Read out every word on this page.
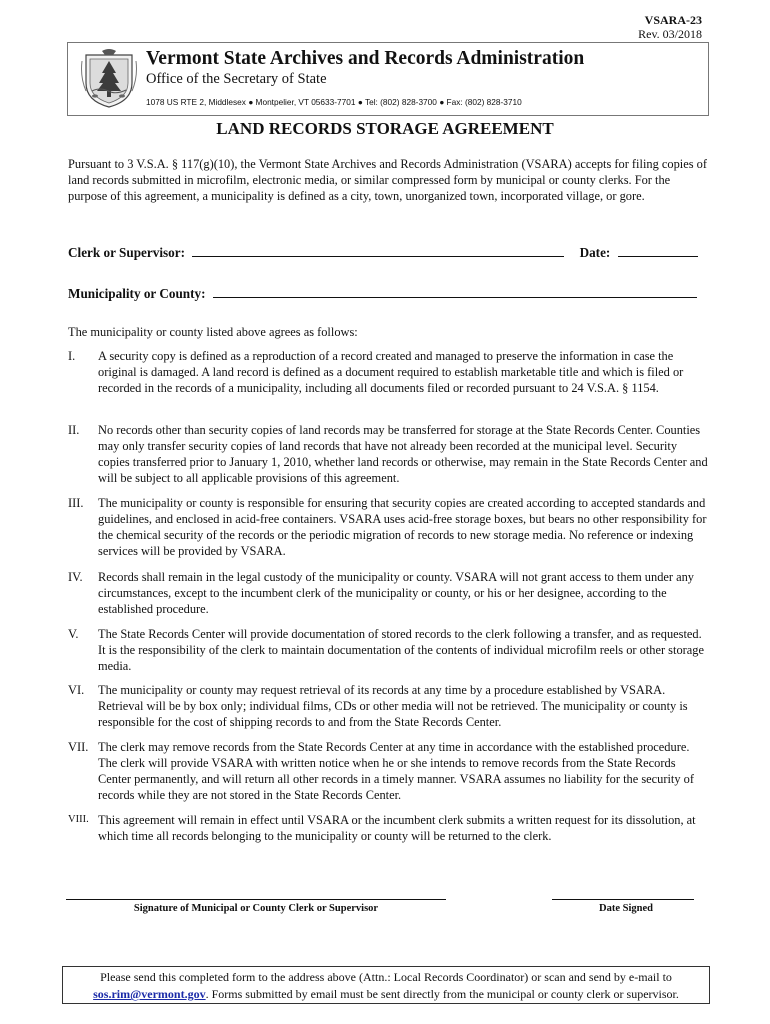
VSARA-23
Rev. 03/2018
Vermont State Archives and Records Administration
Office of the Secretary of State
1078 US RTE 2, Middlesex ● Montpelier, VT 05633-7701 ● Tel: (802) 828-3700 ● Fax: (802) 828-3710
LAND RECORDS STORAGE AGREEMENT
Pursuant to 3 V.S.A. § 117(g)(10), the Vermont State Archives and Records Administration (VSARA) accepts for filing copies of land records submitted in microfilm, electronic media, or similar compressed form by municipal or county clerks. For the purpose of this agreement, a municipality is defined as a city, town, unorganized town, incorporated village, or gore.
Clerk or Supervisor:	Date:
Municipality or County:
The municipality or county listed above agrees as follows:
I. A security copy is defined as a reproduction of a record created and managed to preserve the information in case the original is damaged. A land record is defined as a document required to establish marketable title and which is filed or recorded in the records of a municipality, including all documents filed or recorded pursuant to 24 V.S.A. § 1154.
II. No records other than security copies of land records may be transferred for storage at the State Records Center. Counties may only transfer security copies of land records that have not already been recorded at the municipal level. Security copies transferred prior to January 1, 2010, whether land records or otherwise, may remain in the State Records Center and will be subject to all applicable provisions of this agreement.
III. The municipality or county is responsible for ensuring that security copies are created according to accepted standards and guidelines, and enclosed in acid-free containers. VSARA uses acid-free storage boxes, but bears no other responsibility for the chemical security of the records or the periodic migration of records to new storage media. No reference or indexing services will be provided by VSARA.
IV. Records shall remain in the legal custody of the municipality or county. VSARA will not grant access to them under any circumstances, except to the incumbent clerk of the municipality or county, or his or her designee, according to the established procedure.
V. The State Records Center will provide documentation of stored records to the clerk following a transfer, and as requested. It is the responsibility of the clerk to maintain documentation of the contents of individual microfilm reels or other storage media.
VI. The municipality or county may request retrieval of its records at any time by a procedure established by VSARA. Retrieval will be by box only; individual films, CDs or other media will not be retrieved. The municipality or county is responsible for the cost of shipping records to and from the State Records Center.
VII. The clerk may remove records from the State Records Center at any time in accordance with the established procedure. The clerk will provide VSARA with written notice when he or she intends to remove records from the State Records Center permanently, and will return all other records in a timely manner. VSARA assumes no liability for the security of records while they are not stored in the State Records Center.
VIII. This agreement will remain in effect until VSARA or the incumbent clerk submits a written request for its dissolution, at which time all records belonging to the municipality or county will be returned to the clerk.
Signature of Municipal or County Clerk or Supervisor	Date Signed
Please send this completed form to the address above (Attn.: Local Records Coordinator) or scan and send by e-mail to sos.rim@vermont.gov. Forms submitted by email must be sent directly from the municipal or county clerk or supervisor.
